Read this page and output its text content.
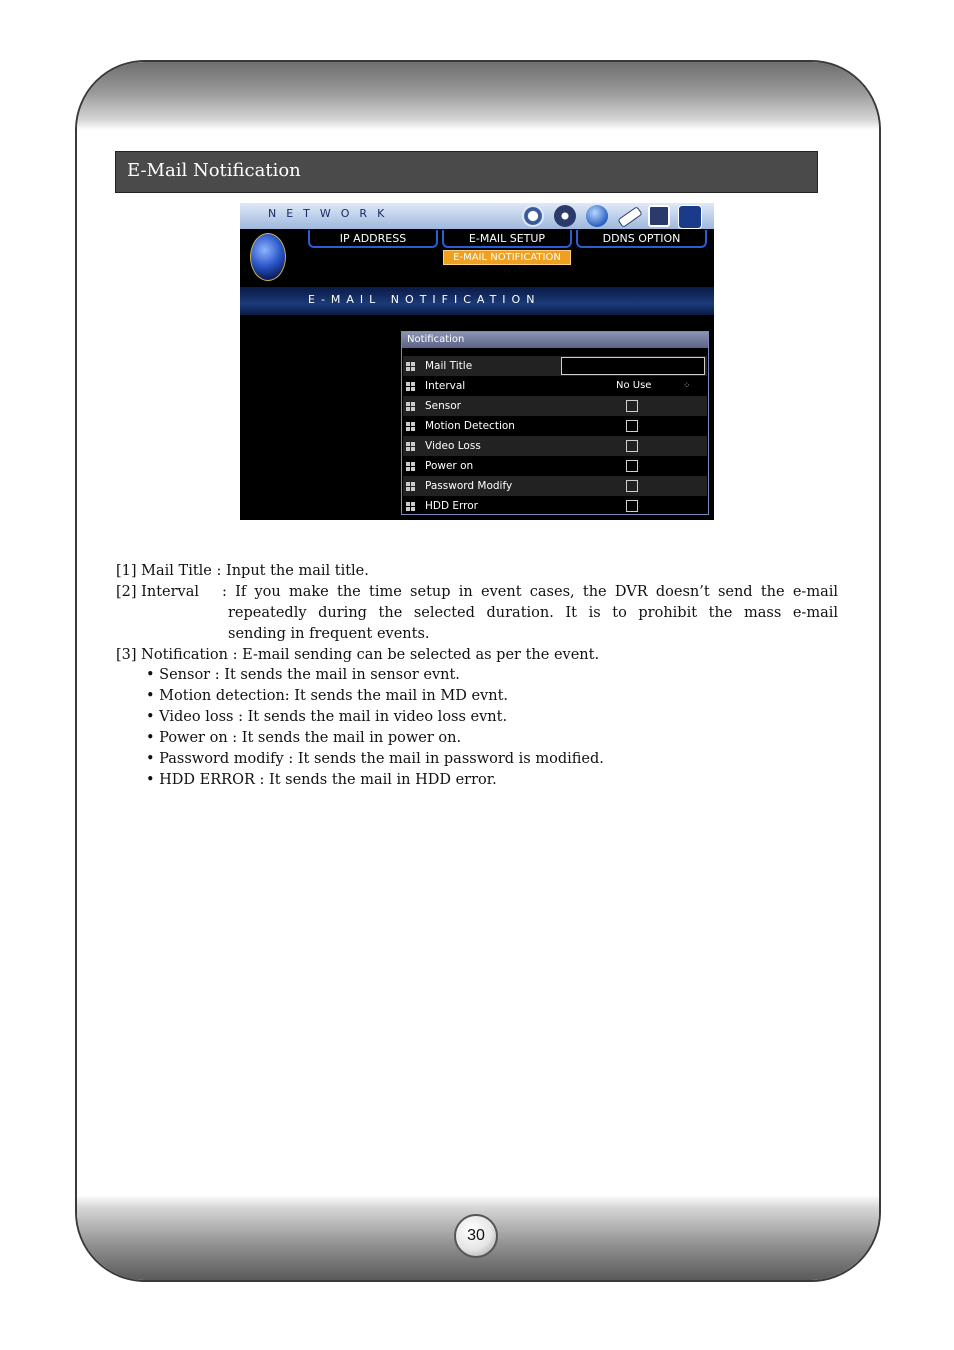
E-Mail Notification
NETWORK
IP ADDRESS	E-MAIL SETUP	DDNS OPTION
E-MAIL NOTIFICATION
E-MAIL NOTIFICATION
Notification
Mail Title
Interval	No Use	⁘
Sensor
Motion Detection
Video Loss
Power on
Password Modify
HDD Error
[1] Mail Title : Input the mail title.
[2] Interval : If you make the time setup in event cases, the DVR doesn’t send the e-mail
repeatedly during the selected duration. It is to prohibit the mass e-mail
sending in frequent events.
[3] Notification : E-mail sending can be selected as per the event.
• Sensor : It sends the mail in sensor evnt.
• Motion detection: It sends the mail in MD evnt.
• Video loss : It sends the mail in video loss evnt.
• Power on : It sends the mail in power on.
• Password modify : It sends the mail in password is modified.
• HDD ERROR : It sends the mail in HDD error.
30
